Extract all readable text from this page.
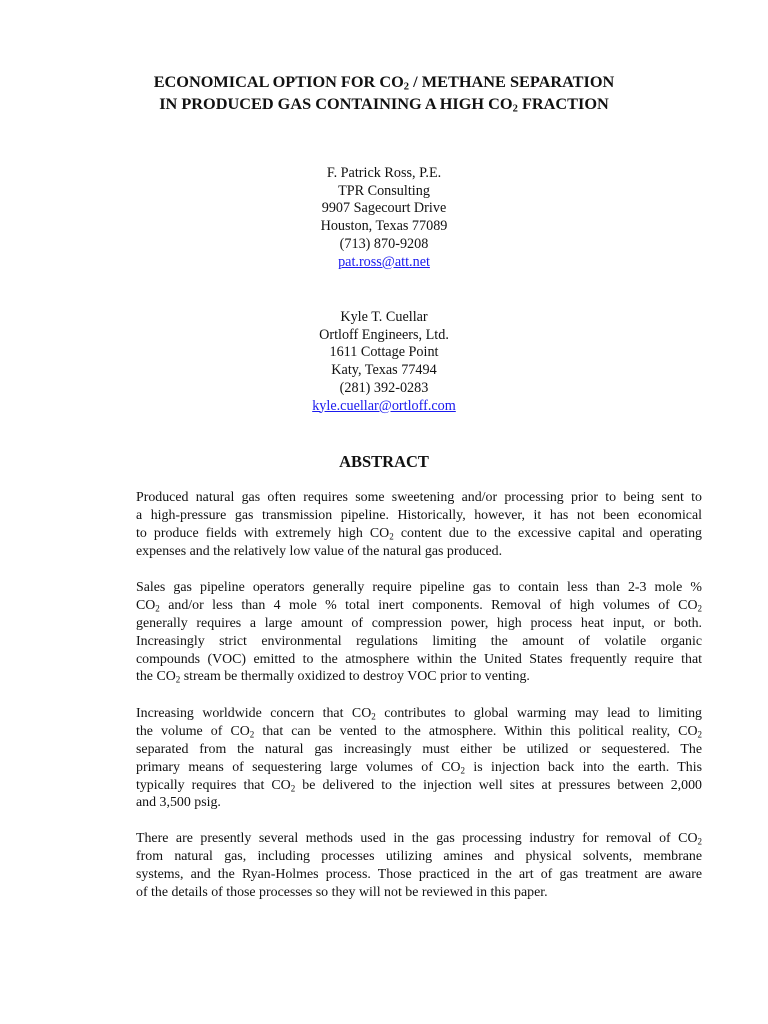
ECONOMICAL OPTION FOR $CO_2$ / METHANE SEPARATION
IN PRODUCED GAS CONTAINING A HIGH $CO_2$ FRACTION
F. Patrick Ross, P.E.
TPR Consulting
9907 Sagecourt Drive
Houston, Texas 77089
(713) 870-9208
pat.ross@att.net
Kyle T. Cuellar
Ortloff Engineers, Ltd.
1611 Cottage Point
Katy, Texas 77494
(281) 392-0283
kyle.cuellar@ortloff.com
ABSTRACT
Produced natural gas often requires some sweetening and/or processing prior to being sent to
a high-pressure gas transmission pipeline. Historically, however, it has not been economical
to produce fields with extremely high $CO_2$ content due to the excessive capital and operating
expenses and the relatively low value of the natural gas produced.
Sales gas pipeline operators generally require pipeline gas to contain less than 2-3 mole %
$CO_2$ and/or less than 4 mole % total inert components. Removal of high volumes of $CO_2$
generally requires a large amount of compression power, high process heat input, or both.
Increasingly strict environmental regulations limiting the amount of volatile organic
compounds (VOC) emitted to the atmosphere within the United States frequently require that
the $CO_2$ stream be thermally oxidized to destroy VOC prior to venting.
Increasing worldwide concern that $CO_2$ contributes to global warming may lead to limiting
the volume of $CO_2$ that can be vented to the atmosphere. Within this political reality, $CO_2$
separated from the natural gas increasingly must either be utilized or sequestered. The
primary means of sequestering large volumes of $CO_2$ is injection back into the earth. This
typically requires that $CO_2$ be delivered to the injection well sites at pressures between 2,000
and 3,500 psig.
There are presently several methods used in the gas processing industry for removal of $CO_2$
from natural gas, including processes utilizing amines and physical solvents, membrane
systems, and the Ryan-Holmes process. Those practiced in the art of gas treatment are aware
of the details of those processes so they will not be reviewed in this paper.
